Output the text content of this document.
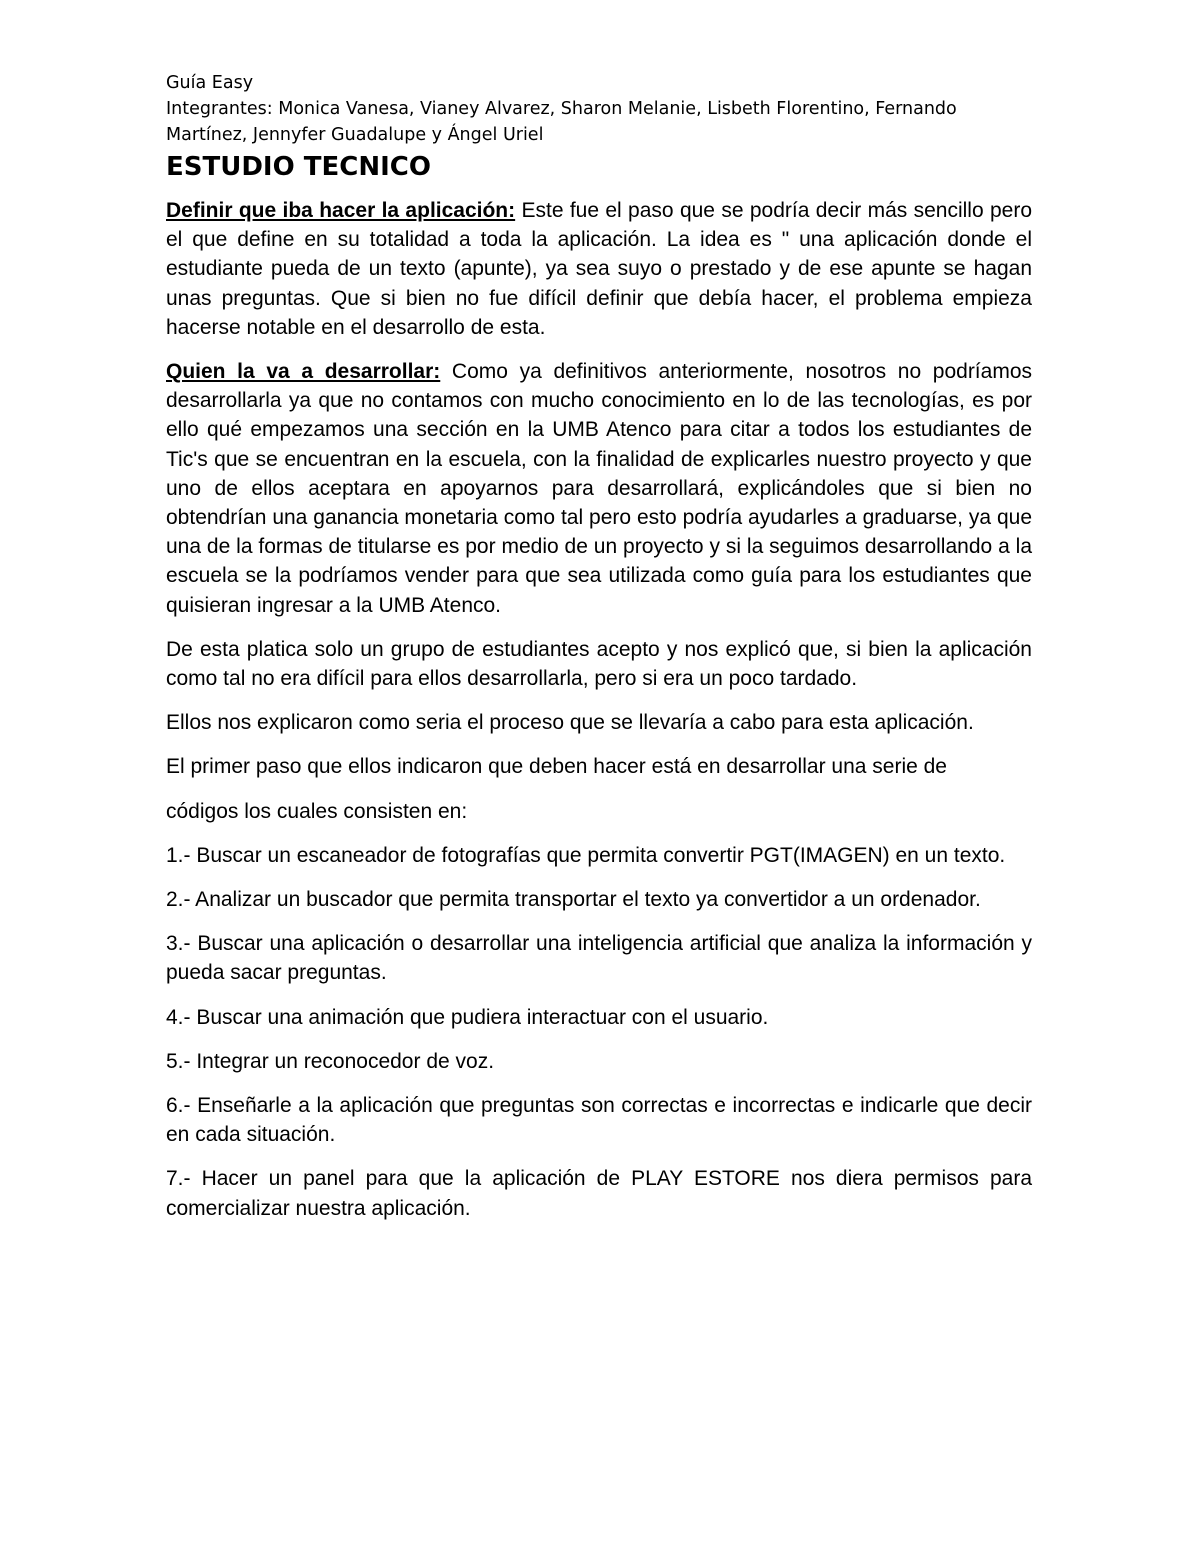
Guía Easy

Integrantes: Monica Vanesa, Vianey Alvarez, Sharon Melanie, Lisbeth Florentino, Fernando

Martínez, Jennyfer Guadalupe y Ángel Uriel

ESTUDIO TECNICO

Definir que iba hacer la aplicación: Este fue el paso que se podría decir más sencillo pero el que define en su totalidad a toda la aplicación. La idea es " una aplicación donde el estudiante pueda de un texto (apunte), ya sea suyo o prestado y de ese apunte se hagan unas preguntas. Que si bien no fue difícil definir que debía hacer, el problema empieza hacerse notable en el desarrollo de esta.

Quien la va a desarrollar: Como ya definitivos anteriormente, nosotros no podríamos desarrollarla ya que no contamos con mucho conocimiento en lo de las tecnologías, es por ello qué empezamos una sección en la UMB Atenco para citar a todos los estudiantes de Tic's que se encuentran en la escuela, con la finalidad de explicarles nuestro proyecto y que uno de ellos aceptara en apoyarnos para desarrollará, explicándoles que si bien no obtendrían una ganancia monetaria como tal pero esto podría ayudarles a graduarse, ya que una de la formas de titularse es por medio de un proyecto y si la seguimos desarrollando a la escuela se la podríamos vender para que sea utilizada como guía para los estudiantes que quisieran ingresar a la UMB Atenco.

De esta platica solo un grupo de estudiantes acepto y nos explicó que, si bien la aplicación como tal no era difícil para ellos desarrollarla, pero si era un poco tardado.

Ellos nos explicaron como seria el proceso que se llevaría a cabo para esta aplicación.

El primer paso que ellos indicaron que deben hacer está en desarrollar una serie de

códigos los cuales consisten en:

1.- Buscar un escaneador de fotografías que permita convertir PGT(IMAGEN) en un texto.

2.- Analizar un buscador que permita transportar el texto ya convertidor a un ordenador.

3.- Buscar una aplicación o desarrollar una inteligencia artificial que analiza la información y pueda sacar preguntas.

4.- Buscar una animación que pudiera interactuar con el usuario.

5.- Integrar un reconocedor de voz.

6.- Enseñarle a la aplicación que preguntas son correctas e incorrectas e indicarle que decir en cada situación.

7.- Hacer un panel para que la aplicación de PLAY ESTORE nos diera permisos para comercializar nuestra aplicación.
